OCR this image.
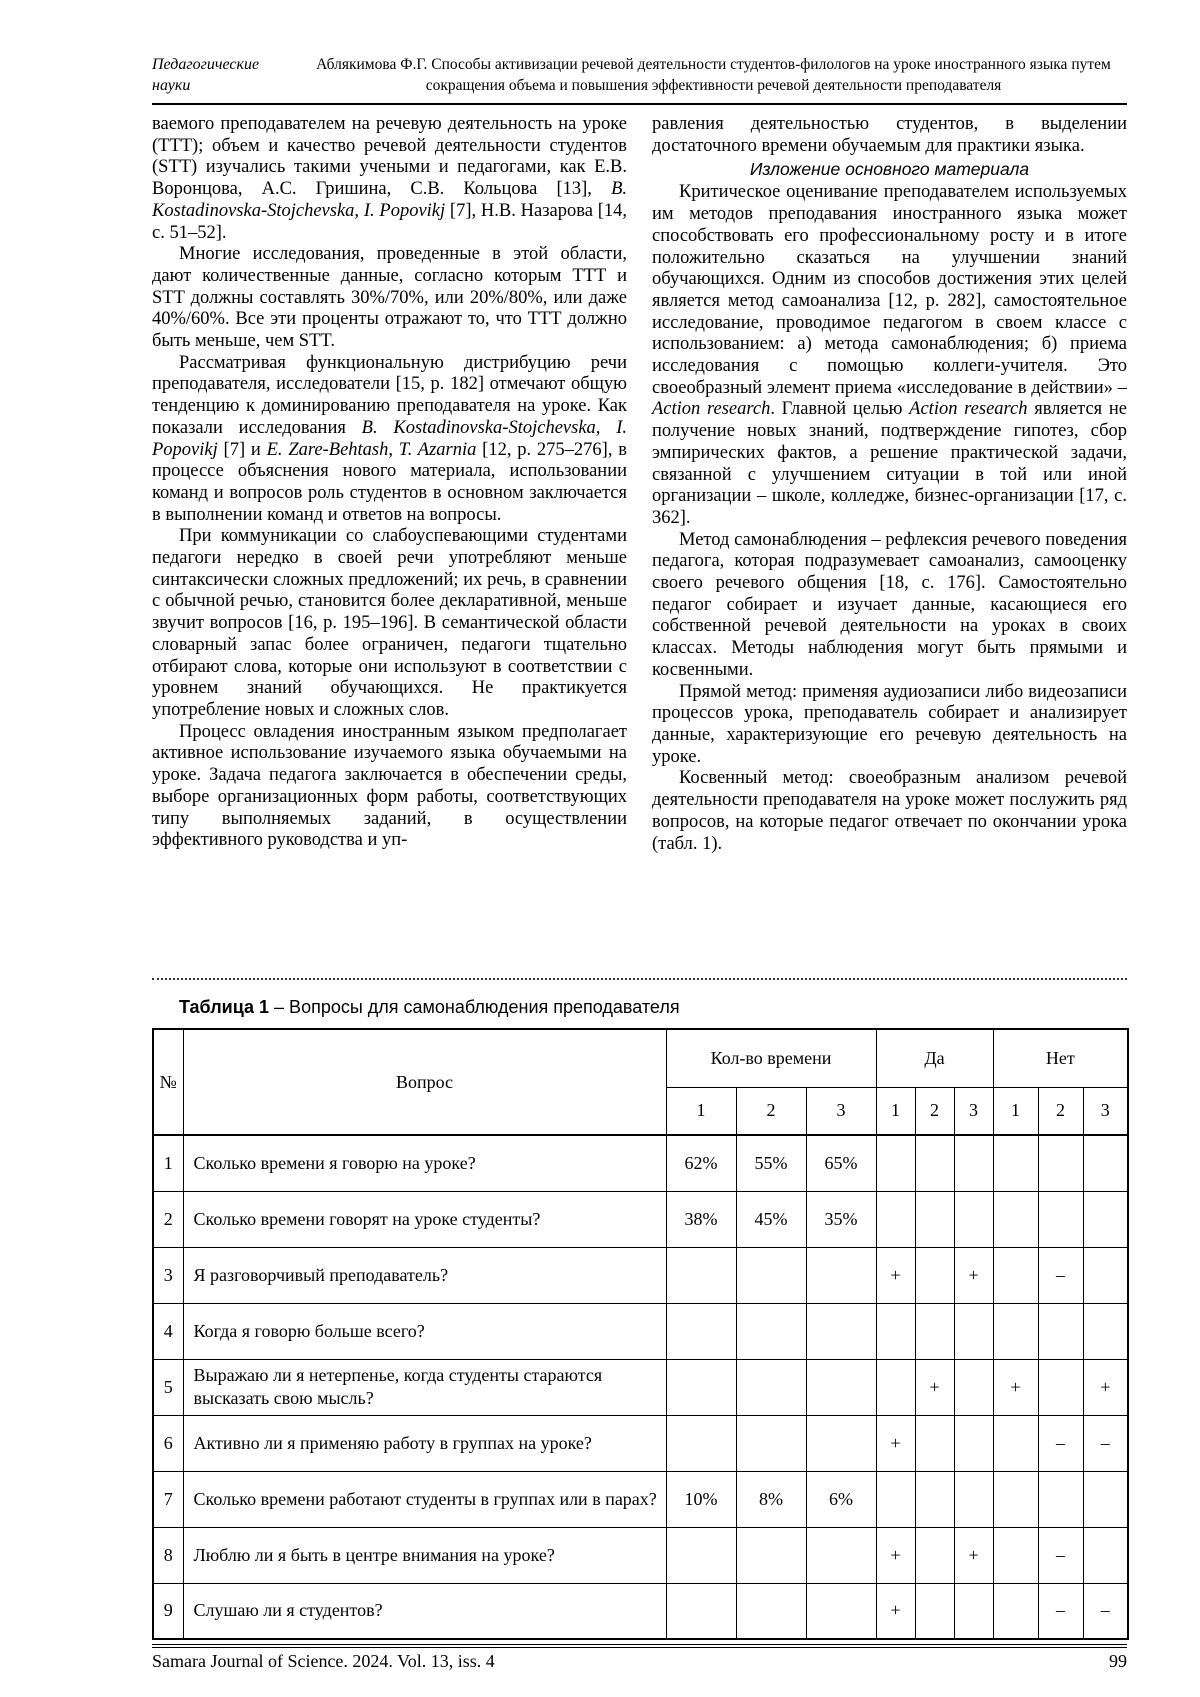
Педагогические науки
Аблякимова Ф.Г. Способы активизации речевой деятельности студентов-филологов на уроке иностранного языка путем сокращения объема и повышения эффективности речевой деятельности преподавателя

ваемого преподавателем на речевую деятельность на уроке (ТТТ); объем и качество речевой деятельности студентов (STT) изучались такими учеными и педагогами, как Е.В. Воронцова, А.С. Гришина, С.В. Кольцова [13], B. Kostadinovska-Stojchevska, I. Popovikj [7], Н.В. Назарова [14, с. 51–52].

Многие исследования, проведенные в этой области, дают количественные данные, согласно которым ТТТ и STT должны составлять 30%/70%, или 20%/80%, или даже 40%/60%. Все эти проценты отражают то, что ТТТ должно быть меньше, чем STT.

Рассматривая функциональную дистрибуцию речи преподавателя, исследователи [15, p. 182] отмечают общую тенденцию к доминированию преподавателя на уроке. Как показали исследования B. Kostadinovska-Stojchevska, I. Popovikj [7] и E. Zare-Behtash, T. Azarnia [12, p. 275–276], в процессе объяснения нового материала, использовании команд и вопросов роль студентов в основном заключается в выполнении команд и ответов на вопросы.

При коммуникации со слабоуспевающими студентами педагоги нередко в своей речи употребляют меньше синтаксически сложных предложений; их речь, в сравнении с обычной речью, становится более декларативной, меньше звучит вопросов [16, p. 195–196]. В семантической области словарный запас более ограничен, педагоги тщательно отбирают слова, которые они используют в соответствии с уровнем знаний обучающихся. Не практикуется употребление новых и сложных слов.

Процесс овладения иностранным языком предполагает активное использование изучаемого языка обучаемыми на уроке. Задача педагога заключается в обеспечении среды, выборе организационных форм работы, соответствующих типу выполняемых заданий, в осуществлении эффективного руководства и уп-

равления деятельностью студентов, в выделении достаточного времени обучаемым для практики языка.

Изложение основного материала

Критическое оценивание преподавателем используемых им методов преподавания иностранного языка может способствовать его профессиональному росту и в итоге положительно сказаться на улучшении знаний обучающихся. Одним из способов достижения этих целей является метод самоанализа [12, p. 282], самостоятельное исследование, проводимое педагогом в своем классе с использованием: а) метода самонаблюдения; б) приема исследования с помощью коллеги-учителя. Это своеобразный элемент приема «исследование в действии» – Action research. Главной целью Action research является не получение новых знаний, подтверждение гипотез, сбор эмпирических фактов, а решение практической задачи, связанной с улучшением ситуации в той или иной организации – школе, колледже, бизнес-организации [17, с. 362].

Метод самонаблюдения – рефлексия речевого поведения педагога, которая подразумевает самоанализ, самооценку своего речевого общения [18, с. 176]. Самостоятельно педагог собирает и изучает данные, касающиеся его собственной речевой деятельности на уроках в своих классах. Методы наблюдения могут быть прямыми и косвенными.

Прямой метод: применяя аудиозаписи либо видеозаписи процессов урока, преподаватель собирает и анализирует данные, характеризующие его речевую деятельность на уроке.

Косвенный метод: своеобразным анализом речевой деятельности преподавателя на уроке может послужить ряд вопросов, на которые педагог отвечает по окончании урока (табл. 1).

Таблица 1 – Вопросы для самонаблюдения преподавателя
№	Вопрос	Кол-во времени			Да			Нет		
		1	2	3	1	2	3	1	2	3
1	Сколько времени я говорю на уроке?	62%	55%	65%						
2	Сколько времени говорят на уроке студенты?	38%	45%	35%						
3	Я разговорчивый преподаватель?				+		+		–	
4	Когда я говорю больше всего?									
5	Выражаю ли я нетерпенье, когда студенты стараются высказать свою мысль?					+		+		+
6	Активно ли я применяю работу в группах на уроке?				+				–	–
7	Сколько времени работают студенты в группах или в парах?	10%	8%	6%						
8	Люблю ли я быть в центре внимания на уроке?				+		+		–	
9	Слушаю ли я студентов?				+				–	–
Samara Journal of Science. 2024. Vol. 13, iss. 4	99
